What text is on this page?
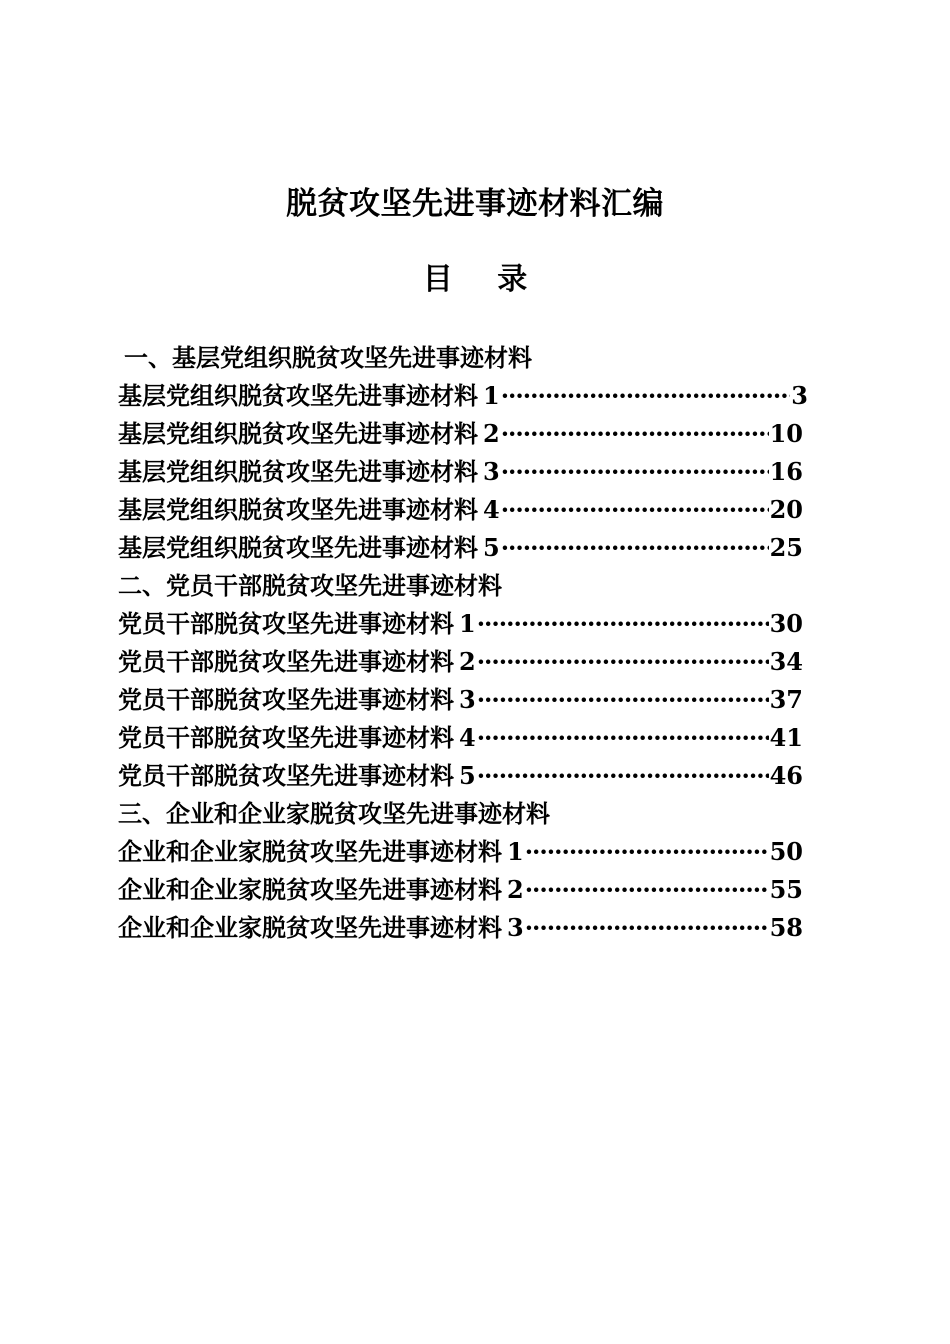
脱贫攻坚先进事迹材料汇编
目 录
一、基层党组织脱贫攻坚先进事迹材料
基层党组织脱贫攻坚先进事迹材料 1 ·····	3
基层党组织脱贫攻坚先进事迹材料 2 ·····	10
基层党组织脱贫攻坚先进事迹材料 3 ·····	16
基层党组织脱贫攻坚先进事迹材料 4 ·····	20
基层党组织脱贫攻坚先进事迹材料 5 ·····	25
二、党员干部脱贫攻坚先进事迹材料
党员干部脱贫攻坚先进事迹材料 1 ·····	30
党员干部脱贫攻坚先进事迹材料 2 ·····	34
党员干部脱贫攻坚先进事迹材料 3 ·····	37
党员干部脱贫攻坚先进事迹材料 4 ·····	41
党员干部脱贫攻坚先进事迹材料 5 ·····	46
三、企业和企业家脱贫攻坚先进事迹材料
企业和企业家脱贫攻坚先进事迹材料 1 ·····	50
企业和企业家脱贫攻坚先进事迹材料 2 ·····	55
企业和企业家脱贫攻坚先进事迹材料 3 ·····	58
